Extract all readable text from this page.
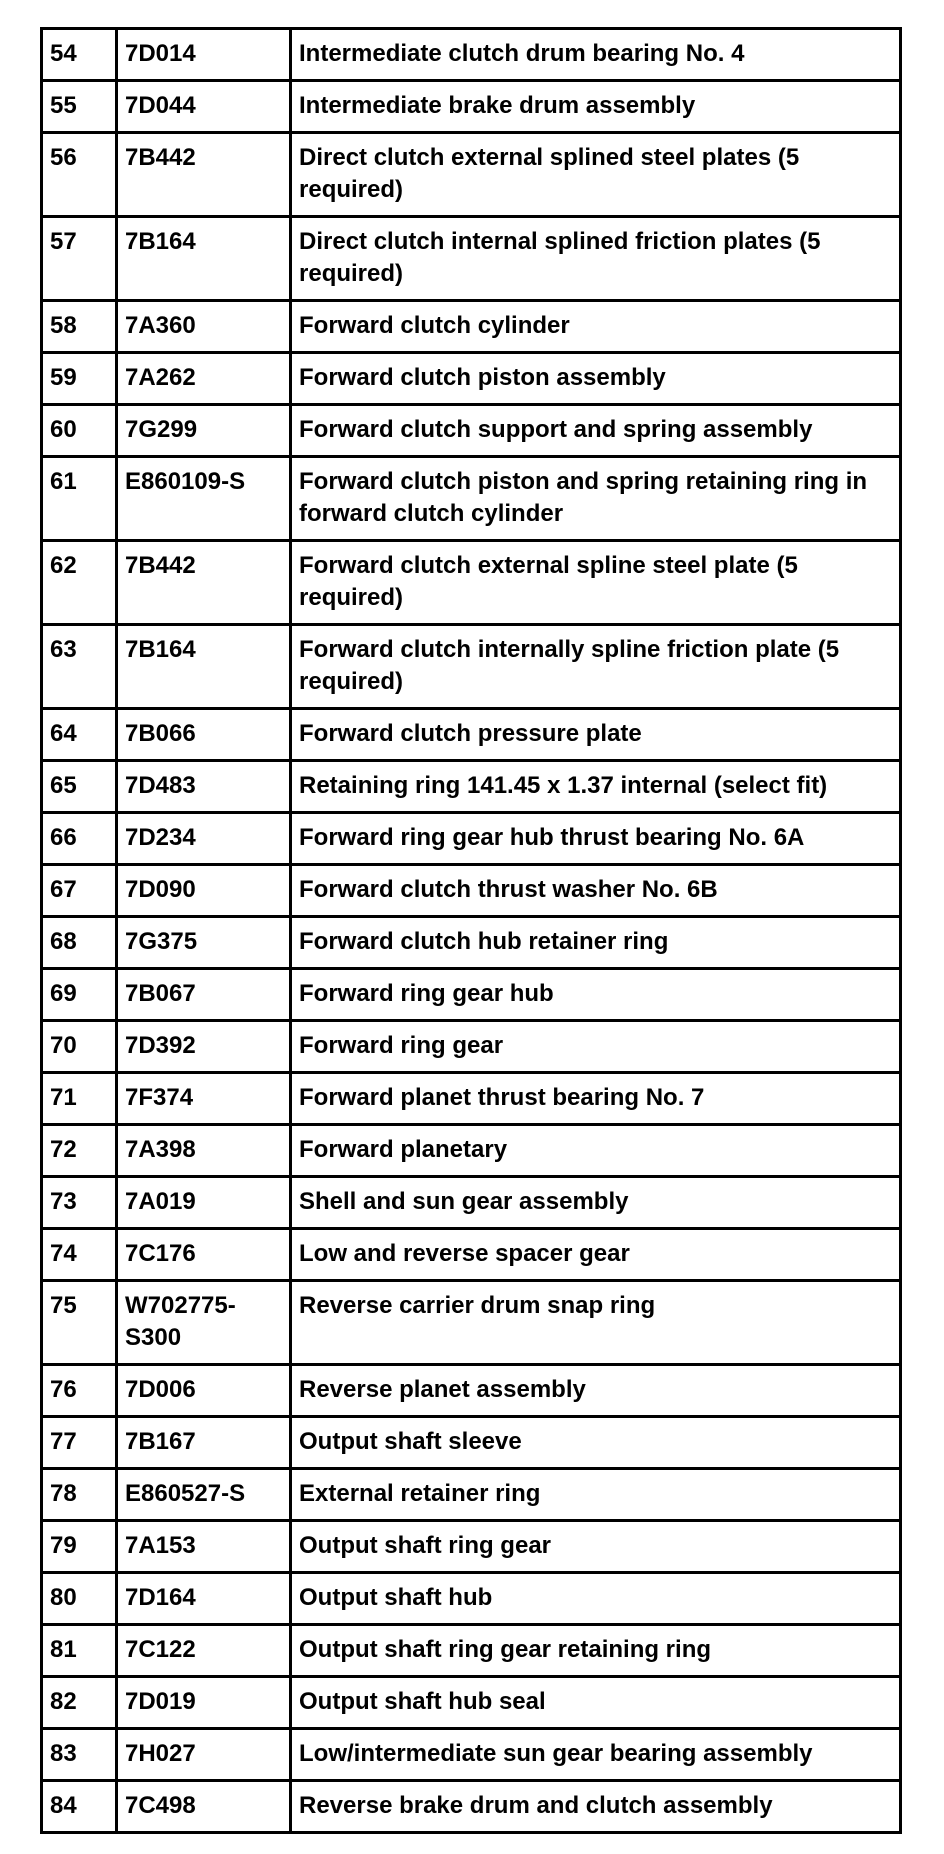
54	7D014	Intermediate clutch drum bearing No. 4
55	7D044	Intermediate brake drum assembly
56	7B442	Direct clutch external splined steel plates (5 required)
57	7B164	Direct clutch internal splined friction plates (5 required)
58	7A360	Forward clutch cylinder
59	7A262	Forward clutch piston assembly
60	7G299	Forward clutch support and spring assembly
61	E860109-S	Forward clutch piston and spring retaining ring in forward clutch cylinder
62	7B442	Forward clutch external spline steel plate (5 required)
63	7B164	Forward clutch internally spline friction plate (5 required)
64	7B066	Forward clutch pressure plate
65	7D483	Retaining ring 141.45 x 1.37 internal (select fit)
66	7D234	Forward ring gear hub thrust bearing No. 6A
67	7D090	Forward clutch thrust washer No. 6B
68	7G375	Forward clutch hub retainer ring
69	7B067	Forward ring gear hub
70	7D392	Forward ring gear
71	7F374	Forward planet thrust bearing No. 7
72	7A398	Forward planetary
73	7A019	Shell and sun gear assembly
74	7C176	Low and reverse spacer gear
75	W702775-S300	Reverse carrier drum snap ring
76	7D006	Reverse planet assembly
77	7B167	Output shaft sleeve
78	E860527-S	External retainer ring
79	7A153	Output shaft ring gear
80	7D164	Output shaft hub
81	7C122	Output shaft ring gear retaining ring
82	7D019	Output shaft hub seal
83	7H027	Low/intermediate sun gear bearing assembly
84	7C498	Reverse brake drum and clutch assembly
